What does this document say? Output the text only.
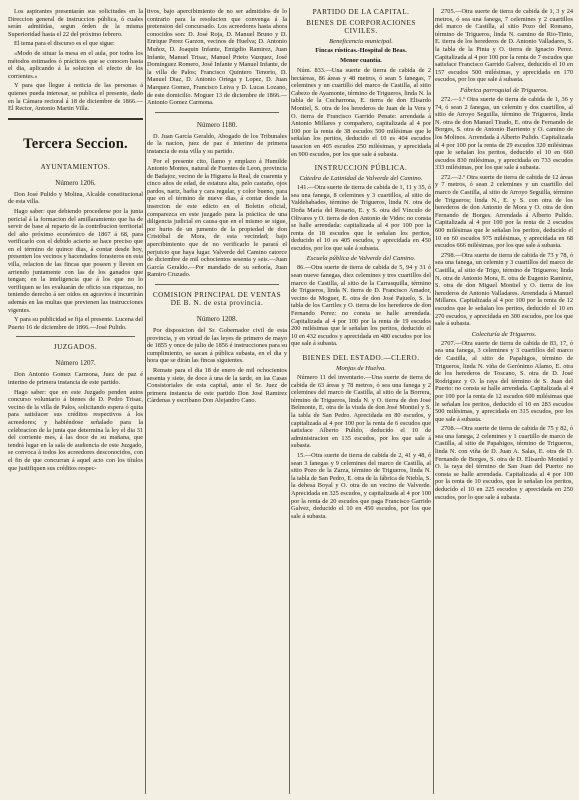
Los aspirantes presentarán sus solicitudes en la Direccion general de instruccion pública, ó cuales serán admitidas, segun órden de la misma Superioridad hasta el 22 del próximo febrero.

El tema para el discurso es el que sigue:

«Modo de situar la mesa en el aula, por todos los métodos estimados ó prácticos que se conocen hasta el dia, aplicando á la solucion el efecto de los corrientes.»

Y para que llegue á noticia de las personas á quienes pueda interesar, se publica el presente, dado en la Cámara rectoral á 18 de diciembre de 1866.—El Rector, Antonio Martin Villa.

Tercera Seccion.
AYUNTAMIENTOS.
Número 1206.

Don José Pulido y Molina, Alcalde constitucional de esta villa.

Hago saber: que debiendo procederse por la junta pericial á la formacion del amillaramiento que ha de servir de base al reparto de la contribucion territorial del año próximo económico de 1867 á 68, para verificarlo con el debido acierto se hace preciso que en el término de quince dias, á contar desde hoy, presenten los vecinos y hacendados forasteros en esta villa, relacion de las fincas que poseen y lleven en arriendo juntamente con las de los ganados que tengan; en la inteligencia que á los que no lo verifiquen se les evaluarán de oficio sus riquezas, no teniendo derecho á ser oidos en agravios é incurrirán además en las multas que previenen las instrucciones vigentes.

Y para su publicidad se fija el presente. Lucena del Puerto 16 de diciembre de 1866.—José Pulido.

JUZGADOS.
Número 1207.

Don Antonio Gomez Carmona, Juez de paz é interino de primera instancia de este partido.

Hago saber: que en este Juzgado penden autos concurso voluntario á bienes de D. Pedro Trisac, vecino de la villa de Palos, solicitando espera ó quita para satisfacer sus créditos respectivos á los acreedores; y habiéndose señalado para la celebracion de la junta que determina la ley el dia 31 del corriente mes, á las doce de su mañana, que tendrá lugar en la sala de audiencia de este Juzgado, se convoca á todos los acreedores desconocidos, con el fin de que concurran á aquel acto con los títulos que justifiquen sus créditos respec-

tivos, bajo apercibimiento de no ser admitidos de lo contrario para la resolucion que convenga á la pretension del concursado. Los acreedores hasta ahora conocidos son: D. José Roja, D. Manuel Bruno y D. Enrique Perez Garzon, vecinos de Huelva; D. Antonio Muñoz, D. Joaquin Infante, Emigdio Ramirez, Juan Infante, Manuel Trisac, Manuel Prieto Vazquez, José Dominguez Romero, José Infante y Manuel Infante, de la villa de Palos; Francisco Quintero Tenorio, D. Manuel Diaz, D. Antonio Ortega y Lopez, D. Juan Marquez Gomez, Francisco Leiva y D. Lucas Lozano, de este domicilio. Moguer 13 de diciembre de 1866.—Antonio Gomez Carmona.

Número 1180.

D. Juan García Geraldo, Abogado de los Tribunales de la nacion, juez de paz é interino de primera instancia de esta villa y su partido.

Por el presente cito, llamo y emplazo á Humilde Antonio Montes, natural de Fuentes de Leon, provincia de Badajoz, vecino de la Higuera la Real, de cuarenta y cinco años de edad, de estatura alta, pelo castaño, ojos pardos, nariz, barba y cara regular, y color bueno, para que en el término de nueve dias, á contar desde la insercion de este edicto en el Boletin oficial, comparezca en este juzgado para la práctica de una diligencia judicial en causa que en el mismo se sigue, por hurto de un jumento de la propiedad de don Cristóbal de Mora, de esta vecindad; bajo apercibimiento que de no verificarlo le parará el perjuicio que haya lugar. Valverde del Camino catorce de diciembre de mil ochocientos sesenta y seis.—Juan García Geraldo.—Por mandado de su señoría, Juan Ramiro Cruzado.

COMISION PRINCIPAL DE VENTAS DE B. N. de esta provincia.
Número 1208.

Por disposicion del Sr. Gobernador civil de esta provincia, y en virtud de las leyes de primero de mayo de 1855 y once de julio de 1856 é instrucciones para su cumplimiento, se sacan á pública subasta, en el dia y hora que se dirán las fincas siguientes.

Remate para el dia 18 de enero de mil ochocientos sesenta y siete, de doce á una de la tarde, en las Casas Consistoriales de esta capital, ante el Sr. Juez de primera instancia de este partido Don José Ramirez Cárdenas y escribano Don Alejandro Cano.

PARTIDO DE LA CAPITAL.
BIENES DE CORPORACIONES CIVILES.
Beneficencia municipal.
Fincas rústicas.-Hospital de Beas.
Menor cuantía.

Núm. 833.—Una suerte de tierra de cabida de 2 hectáreas, 86 áreas y 48 metros, ó sean 5 fanegas, 7 celemines y un cuartillo del marco de Castilla, al sitio Cabezo de Ayamonte, término de Trigueros, linda N. la tabla de la Cucharrona, E. tierra de don Elisardo Montiel, S. otra de los herederos de Juan de la Vera y O. tierra de Francisco Garrido Penate: arrendada á Antonio Millares y compañero, capitalizada al 4 por 100 por la renta de 38 escudos 500 milésimas que le señalan los peritos, deducido el 10 es 404 escudos tasacion en 405 escudos 250 milésimas, y aprecidada en 900 escudos, por los que sale á subasta.

INSTRUCCION PÚBLICA.
Cátedra de Latinidad de Valverde del Camino.

141.—Otra suerte de tierra de cabida de 1, 11 y 35, ó sea una fanega, 8 celemines y 3 cuartillos, al sitio de Valdehabades, término de Trigueros, linda N. otra de Doña María del Rosario, E. y S. otra del Vínculo de Olivares y O. tierra de don Antonio de Vides: no consta se halle arrendada: capitalizada al 4 por 100 por la renta de 18 escudos que le señalan los peritos, deducido el 10 es 405 escudos, y aprecidada en 450 escudos, por los que sale á subasta.

Escuela pública de Valverde del Camino.

86.—Otra suerte de tierra de cabida de 5, 94 y 31 ó sean nueve fanegas, diez celemines y tres cuartillos del marco de Castilla, al sitio de la Carrasquilla, término de Trigueros, linda N. tierra de D. Francisco Amador, vecino de Moguer, E. otra de don José Pajuelo, S. la tabla de los Carriles y O. tierra de los herederos de don Fernando Perez: no consta se halle arrendada. Capitalizada al 4 por 100 por la renta de 19 escudos 200 milésimas que le señalan los peritos, deducido el 10 en 432 escudos y aprecidada en 480 escudos por los que sale á subasta.

BIENES DEL ESTADO.—CLERO.
Monjas de Huelva.

Número 11 del inventario.—Una suerte de tierra de cabida de 63 áreas y 78 metros, ó sea una fanega y 2 celemines del marco de Castilla, al sitio de la Borrera, término de Trigueros, linda N. y O. tierra de don José Belmonte, E. otra de la viuda de don José Montiel y S. la tabla de San Pedro. Aprecidada en 80 escudos, y capitalizada al 4 por 100 por la renta de 6 escudos que satisface Alberto Pulido, deducido el 10 de administracion en 135 escudos, por los que sale á subasta.

15.—Otra suerte de tierra de cabida de 2, 41 y 48, ó sean 3 fanegas y 9 celemines del marco de Castilla, al sitio Pozo de la Zarza, término de Trigueros, linda N. la tabla de San Pedro, E. otra de la fábrica de Niebla, S. la dehesa Boyal y O. otra de un vecino de Valverde. Aprecidada en 325 escudos, y capitalizada al 4 por 100 por la renta de 20 escudos que paga Francisco Garrido Galvez, deducido el 10 en 450 escudos, por los que sale á subasta.

2705.—Otra suerte de tierra de cabida de 1, 3 y 24 metros, ó sea una fanega, 7 celemines y 2 cuartillos del marco de Castilla, al sitio Pozo del Romano, término de Trigueros, linda N. camino de Rio-Tinto, E. tierra de los herederos de D. Antonio Valladares, S. la tabla de la Pinta y O. tierra de Ignacio Perez. Capitalizada al 4 por 100 por la renta de 7 escudos que satisface Francisco Garrido Galvez, deducido el 10 en 157 escudos 500 milésimas, y aprecidada en 170 escudos, por los que sale á subasta.

Fábrica parroquial de Trigueros.

272.—1.º Otra suerte de tierra de cabida de 1, 36 y 74, ó sean 2 fanegas, un celemin y dos cuartillos, al sitio de Arroyo Seguilla, término de Trigueros, linda N. otra de don Manuel Tirado, E. otra de Fernando de Borges, S. otra de Antonio Barriento y O. camino de los Molinos. Arrendada á Alberto Pulido. Capitalizada al 4 por 100 por la renta de 29 escudos 320 milésimas que le señalan los peritos, deducido el 10 en 660 escudos 830 milésimas, y aprecidada en 733 escudos 333 milésimas, por los que sale á subasta.

272.—2.º Otra suerte de tierra de cabida de 12 áreas y 7 metros, ó sean 2 celemines y un cuartillo del marco de Castilla, al sitio de Arroyo Seguilla, término de Trigueros; linda N., E. y S. con otra de los herederos de don Antonio de Mora y O. otra de don Fernando de Borges. Arrendada á Alberto Pulido. Capitalizada al 4 por 100 por la renta de 2 escudos 600 milésimas que le señalan los peritos, deducido el 10 en 60 escudos 975 milésimas, y aprecidada en 68 escudos 666 milésimas, por los que sale á subasta.

2798.—Otra suerte de tierra de cabida de 73 y 78, ó sea una fanega, un celemin y 3 cuartillos del marco de Castilla, al sitio de Trigo, término de Trigueros; linda N. otra de Antonio Mora, E. otra de Eugenio Ramirez, S. otra de don Miguel Montiel y O. tierra de los herederos de Antonio Valladares. Arrendada á Manuel Millares. Capitalizada al 4 por 100 por la renta de 12 escudos que le señalan los peritos, deducido el 10 en 270 escudos, y aprecidada en 300 escudos, por los que sale á subasta.

Colecturía de Trigueros.

2707.—Otra suerte de tierra de cabida de 83, 17, ó sea una fanega, 3 celemines y 3 cuartillos del marco de Castilla, al sitio de Papahigos, término de Trigueros, linda N. viña de Gerónimo Alamo, E. otra de los herederos de Toscano, S. otra de D. José Rodriguez y O. la raya del término de S. Juan del Puerto: no consta se halle arrendada. Capitalizada al 4 por 100 por la renta de 12 escudos 600 milésimas que le señalan los peritos, deducido el 10 en 283 escudos 500 milésimas, y aprecidada en 315 escudos, por los que sale á subasta.

2708.—Otra suerte de tierra de cabida de 75 y 82, ó sea una fanega, 2 celemines y 1 cuartillo de marco de Castilla, al sitio de Papahigos, término de Trigueros, linda N. con viña de D. Juan A. Salas, E. otra de D. Fernando de Borges, S. otra de D. Elisardo Montiel y O. la raya del término de San Juan del Puerto: no consta se halle arrendada. Capitalizada al 4 por 100 por la renta de 10 escudos, que le señalan los peritos, deducido el 10 en 225 escudos y aprecidada en 250 escudos, por lo que sale á subasta.
